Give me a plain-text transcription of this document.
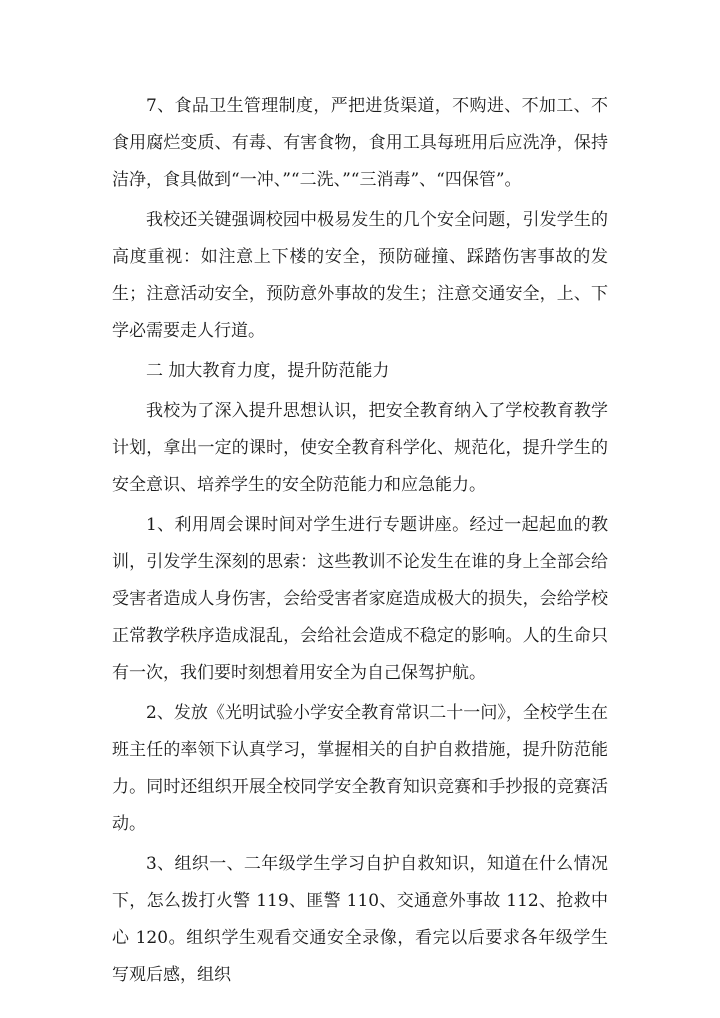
7、食品卫生管理制度，严把进货渠道，不购进、不加工、不食用腐烂变质、有毒、有害食物，食用工具每班用后应洗净，保持洁净，食具做到“一冲、”“二洗、”“三消毒”、“四保管”。

我校还关键强调校园中极易发生的几个安全问题，引发学生的高度重视：如注意上下楼的安全，预防碰撞、踩踏伤害事故的发生；注意活动安全，预防意外事故的发生；注意交通安全，上、下学必需要走人行道。

二 加大教育力度，提升防范能力

我校为了深入提升思想认识，把安全教育纳入了学校教育教学计划，拿出一定的课时，使安全教育科学化、规范化，提升学生的安全意识、培养学生的安全防范能力和应急能力。

1、利用周会课时间对学生进行专题讲座。经过一起起血的教训，引发学生深刻的思索：这些教训不论发生在谁的身上全部会给受害者造成人身伤害，会给受害者家庭造成极大的损失，会给学校正常教学秩序造成混乱，会给社会造成不稳定的影响。人的生命只有一次，我们要时刻想着用安全为自己保驾护航。

2、发放《光明试验小学安全教育常识二十一问》，全校学生在班主任的率领下认真学习，掌握相关的自护自救措施，提升防范能力。同时还组织开展全校同学安全教育知识竞赛和手抄报的竞赛活动。

3、组织一、二年级学生学习自护自救知识，知道在什么情况下，怎么拨打火警 119、匪警 110、交通意外事故 112、抢救中心 120。组织学生观看交通安全录像，看完以后要求各年级学生写观后感，组织
